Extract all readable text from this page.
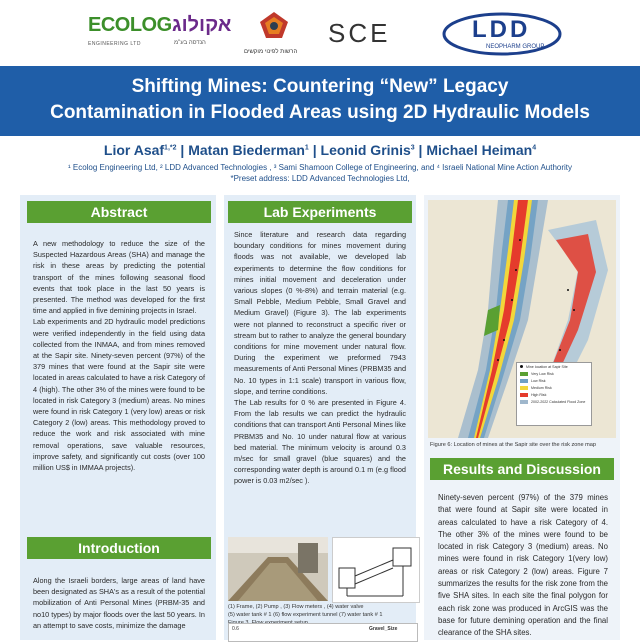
ECOLOG אקולוג
ENGINEERING LTD	הנדסה בע"מ
הרשות לפינוי מוקשים
SCE	LDD
NEOPHARM GROUP
Shifting Mines: Countering “New” Legacy
Contamination in Flooded Areas using 2D Hydraulic Models
Lior Asaf$^{1,*2}$ | Matan Biederman$^1$ | Leonid Grinis$^3$ | Michael Heiman$^4$
¹ Ecolog Engineering Ltd, ² LDD Advanced Technologies , ³ Sami Shamoon College of Engineering, and ⁴ Israeli National Mine Action Authority
*Preset address: LDD Advanced Technologies Ltd,
Abstract

A new methodology to reduce the size of the Suspected Hazardous Areas (SHA) and manage the risk in these areas by predicting the potential transport of the mines following seasonal flood events that took place in the last 50 years is presented. The method was developed for the first time and applied in five demining projects in Israel.

Lab experiments and 2D hydraulic model predictions were verified independently in the field using data collected from the INMAA, and from mines removed at the Sapir site. Ninety-seven percent (97%) of the 379 mines that were found at the Sapir site were located in areas calculated to have a risk Category of 4 (high). The other 3% of the mines were found to be located in risk Category 3 (medium) areas. No mines were found in risk Category 1 (very low) areas or risk Category 2 (low) areas. This methodology proved to reduce the work and risk associated with mine removal operations, save valuable resources, improve safety, and significantly cut costs (over 100 million US$ in IMMAA projects).

Introduction

Along the Israeli borders, large areas of land have been designated as SHA's as a result of the potential mobilization of Anti Personal Mines (PRBM-35 and no10 types) by major floods over the last 50 years. In an attempt to save costs, minimize the damage

Lab Experiments

Since literature and research data regarding boundary conditions for mines movement during floods was not available, we developed lab experiments to determine the flow conditions for mines initial movement and deceleration under various slopes (0 %-8%) and terrain material (e.g. Small Pebble, Medium Pebble, Small Gravel and Medium Gravel) (Figure 3). The lab experiments were not planned to reconstruct a specific river or stream but to rather to analyze the general boundary conditions for mine movement under natural flow. During the experiment we preformed 7943 measurements of Anti Personal Mines (PRBM35 and No. 10 types in 1:1 scale) transport in various flow, slope, and terrine conditions.

The Lab results for 0 % are presented in Figure 4. From the lab results we can predict the hydraulic conditions that can transport Anti Personal Mines like PRBM35 and No. 10 under natural flow at various bed material. The minimum velocity is around 0.3 m/sec for small gravel (blue squares) and the corresponding water depth is around 0.1 m (e.g flood power is 0.03 m2/sec ).

(1) Frame, (2) Pump , (3) Flow meters , (4) water valve
(5) water tank # 1 (6) flow experiment tunnel (7) water tank # 1
0.6	Gravel_Size
Mine location at Sapir Site
Very Low Risk
Low Risk
Medium Risk
High Risk
2002-2022 Calculated Flood Zone
Figure 6: Location of mines at the Sapir site over the risk zone map
Results and Discussion

Ninety-seven percent (97%) of the 379 mines that were found at Sapir site were located in areas calculated to have a risk Category of 4. The other 3% of the mines were found to be located in risk Category 3 (medium) areas. No mines were found in risk Category 1(very low) areas or risk Category 2 (low) areas. Figure 7 summarizes the results for the risk zone from the five SHA sites. In each site the final polygon for each risk zone was produced in ArcGIS was the base for future demining operation and the final clearance of the SHA sites.
